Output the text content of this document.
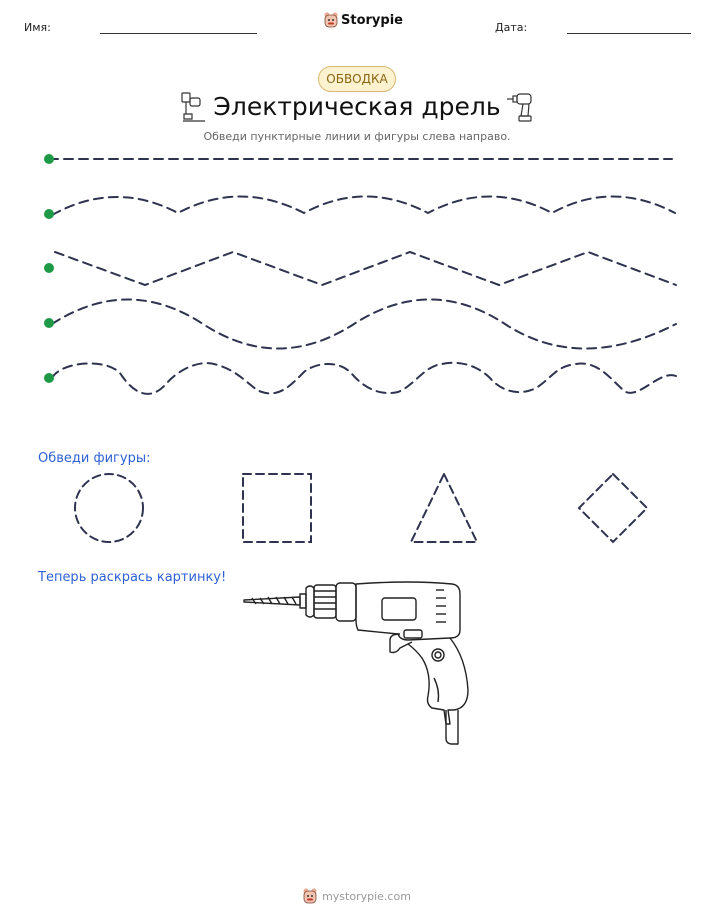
Имя:	Storypie	Дата:
ОБВОДКА
Электрическая дрель
Обведи пунктирные линии и фигуры слева направо.
Обведи фигуры:
Теперь раскрась картинку!
mystorypie.com
